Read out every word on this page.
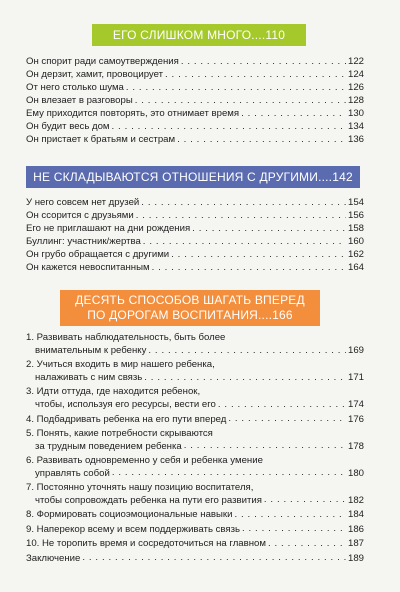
ЕГО СЛИШКОМ МНОГО....110
Он спорит ради самоутверждения . . .	122
Он дерзит, хамит, провоцирует . . .	124
От него столько шума . . .	126
Он влезает в разговоры . . .	128
Ему приходится повторять, это отнимает время . . .	130
Он будит весь дом . . .	134
Он пристает к братьям и сестрам . . .	136
НЕ СКЛАДЫВАЮТСЯ ОТНОШЕНИЯ С ДРУГИМИ....142
У него совсем нет друзей . . .	154
Он ссорится с друзьями . . .	156
Его не приглашают на дни рождения . . .	158
Буллинг: участник/жертва . . .	160
Он грубо обращается с другими . . .	162
Он кажется невоспитанным . . .	164
ДЕСЯТЬ СПОСОБОВ ШАГАТЬ ВПЕРЕД
ПО ДОРОГАМ ВОСПИТАНИЯ....166
1. Развивать наблюдательность, быть более
внимательным к ребенку . . .	169
2. Учиться входить в мир нашего ребенка,
налаживать с ним связь . . .	171
3. Идти оттуда, где находится ребенок,
чтобы, используя его ресурсы, вести его . . .	174
4. Подбадривать ребенка на его пути вперед . . .	176
5. Понять, какие потребности скрываются
за трудным поведением ребенка . . .	178
6. Развивать одновременно у себя и ребенка умение
управлять собой . . .	180
7. Постоянно уточнять нашу позицию воспитателя,
чтобы сопровождать ребенка на пути его развития . . .	182
8. Формировать социоэмоциональные навыки . . .	184
9. Наперекор всему и всем поддерживать связь . . .	186
10. Не торопить время и сосредоточиться на главном . . .	187
Заключение . . .	189
